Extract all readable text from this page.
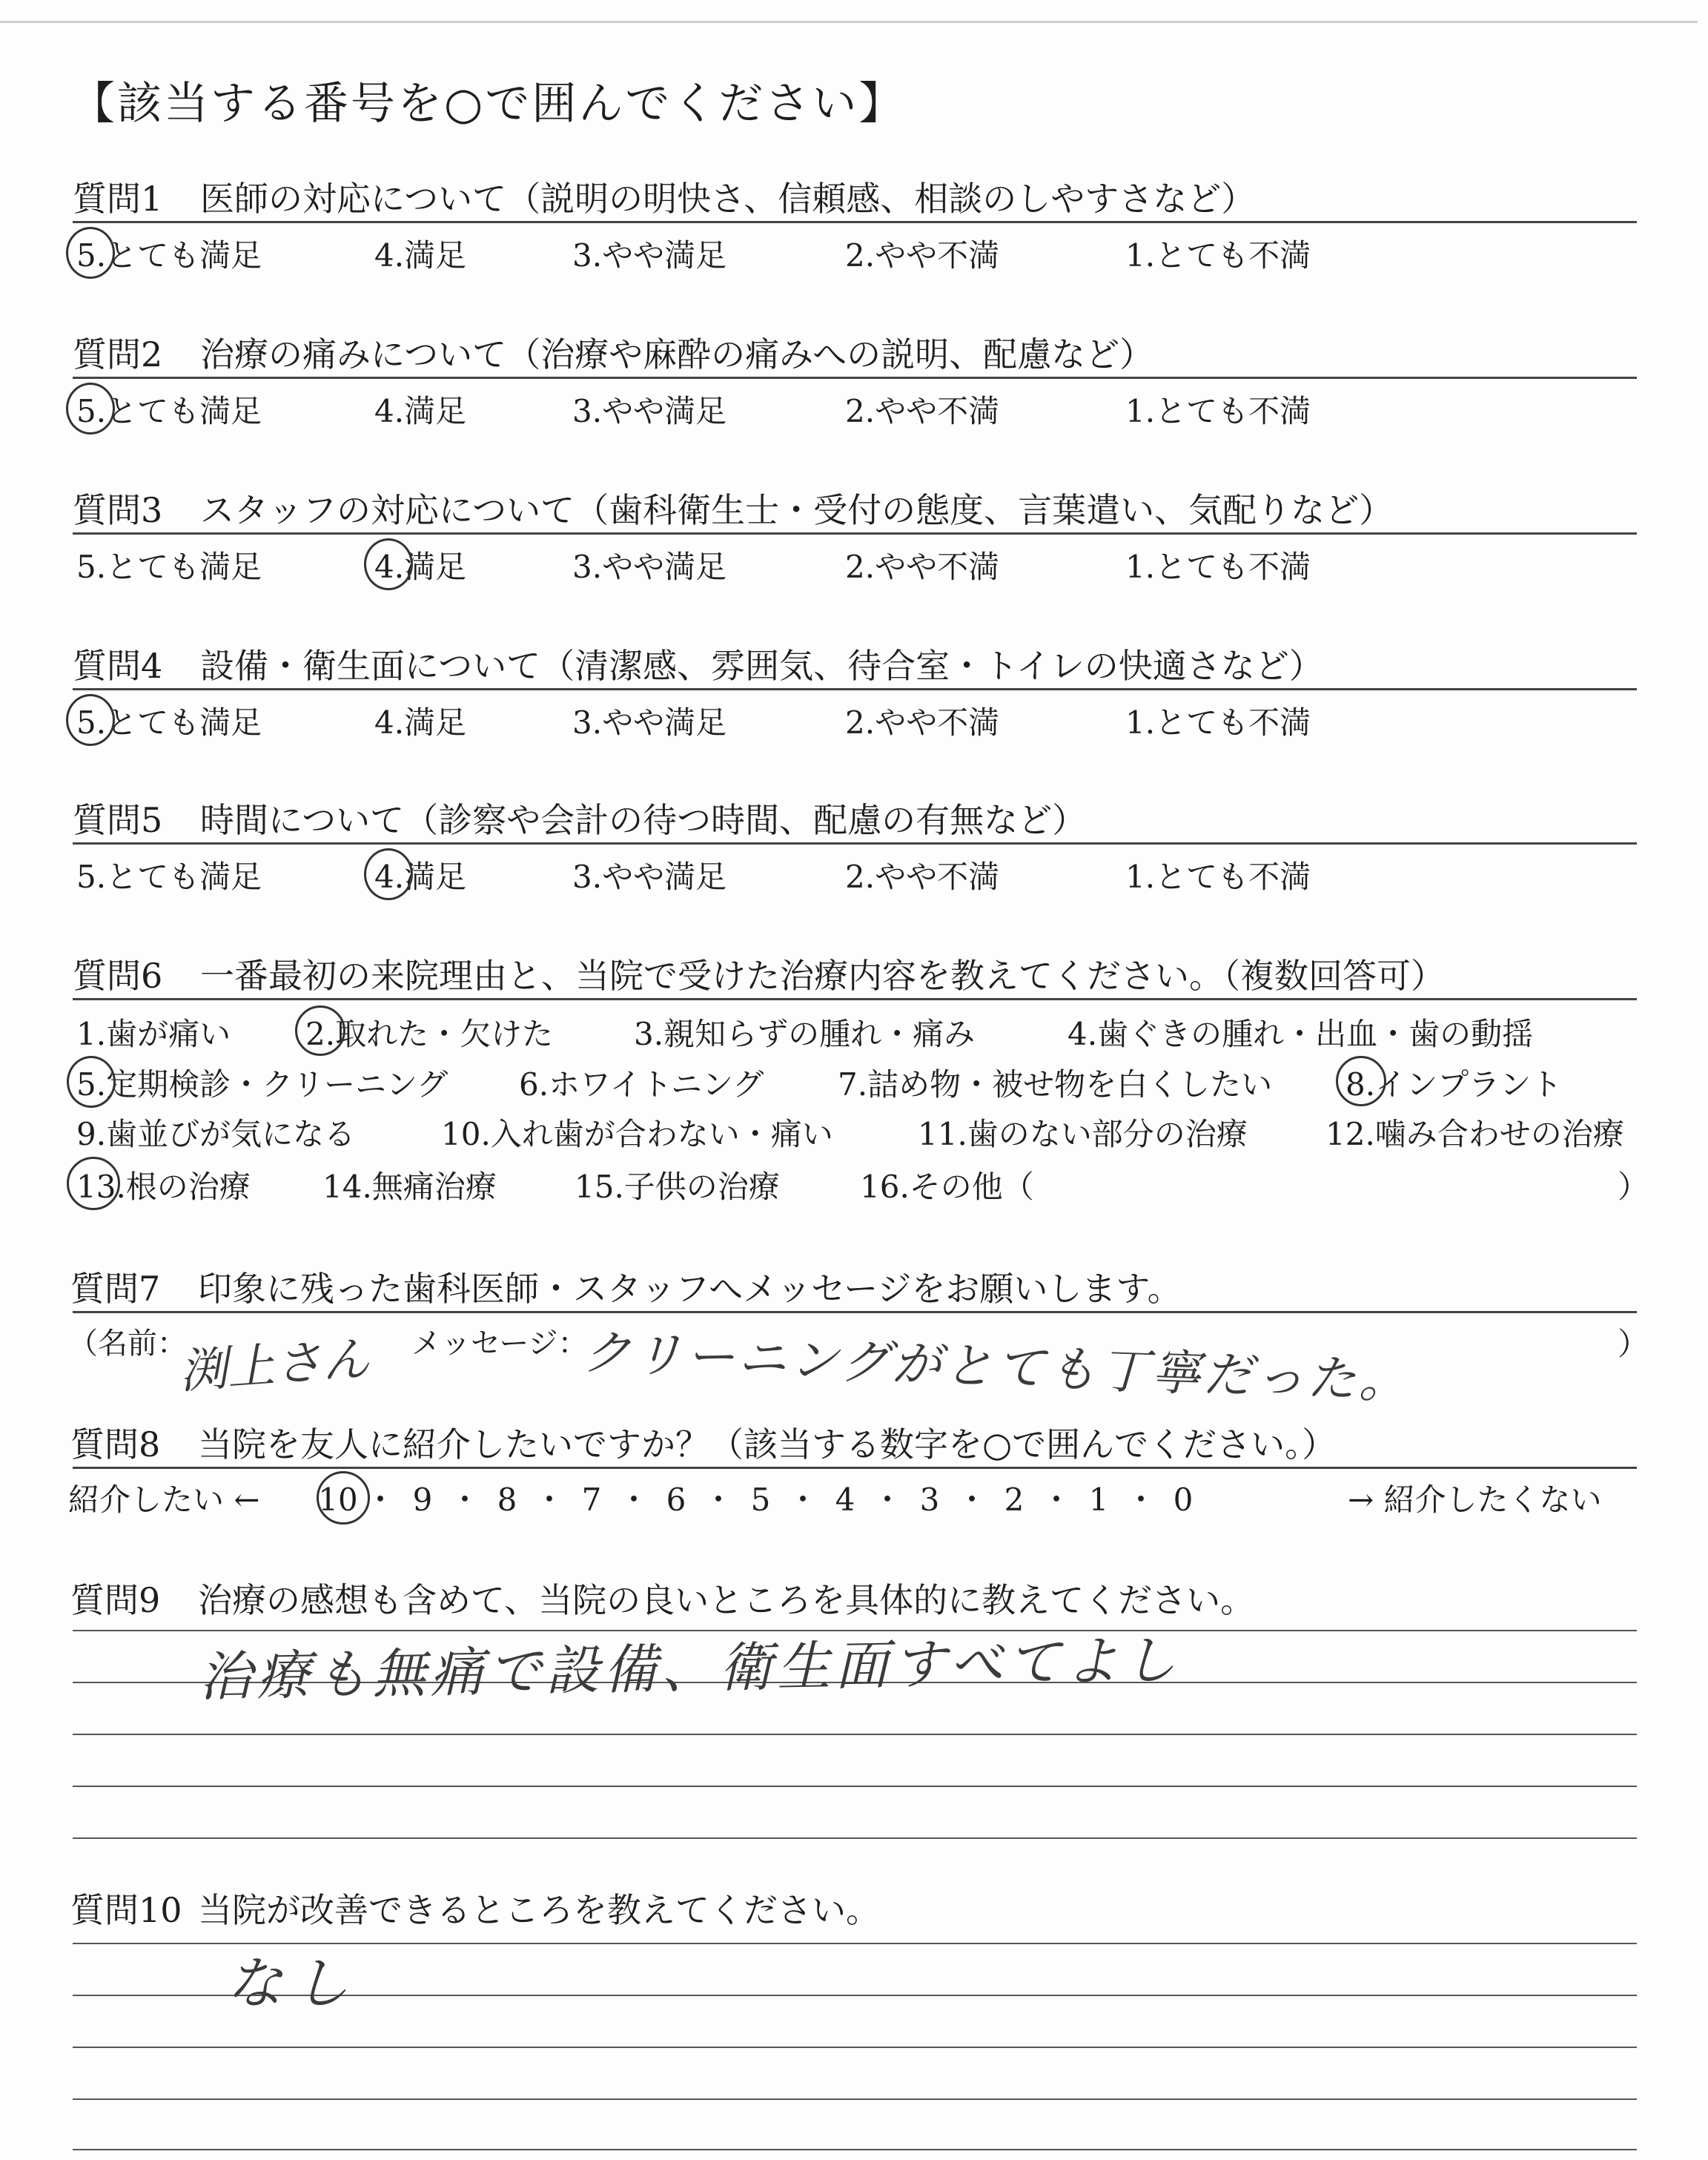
【該当する番号を○で囲んでください】
質問1 医師の対応について（説明の明快さ、信頼感、相談のしやすさなど）
5.とても満足	4.満足	3.やや満足	2.やや不満	1.とても不満
質問2 治療の痛みについて（治療や麻酔の痛みへの説明、配慮など）
5.とても満足	4.満足	3.やや満足	2.やや不満	1.とても不満
質問3 スタッフの対応について（歯科衛生士・受付の態度、言葉遣い、気配りなど）
5.とても満足	4.満足	3.やや満足	2.やや不満	1.とても不満
質問4 設備・衛生面について（清潔感、雰囲気、待合室・トイレの快適さなど）
5.とても満足	4.満足	3.やや満足	2.やや不満	1.とても不満
質問5 時間について（診察や会計の待つ時間、配慮の有無など）
5.とても満足	4.満足	3.やや満足	2.やや不満	1.とても不満
質問6 一番最初の来院理由と、当院で受けた治療内容を教えてください。（複数回答可）
1.歯が痛い 2.取れた・欠けた	3.親知らずの腫れ・痛み	4.歯ぐきの腫れ・出血・歯の動揺
5.定期検診・クリーニング 6.ホワイトニング 7.詰め物・被せ物を白くしたい 8.インプラント
9.歯並びが気になる	10.入れ歯が合わない・痛い	11.歯のない部分の治療	12.噛み合わせの治療
13.根の治療 14.無痛治療	15.子供の治療	16.その他（	）
質問7 印象に残った歯科医師・スタッフへメッセージをお願いします。
（名前：
渕上さん メッセージ：
クリーニングがとても丁寧だった。	）
質問8 当院を友人に紹介したいですか？（該当する数字を○で囲んでください。）
紹介したい ← 10 ・ 9 ・ 8 ・ 7 ・ 6 ・ 5 ・ 4 ・ 3 ・ 2 ・ 1 ・ 0	→ 紹介したくない
質問9 治療の感想も含めて、当院の良いところを具体的に教えてください。
治療も無痛で設備、衛生面すべてよし
質問10 当院が改善できるところを教えてください。
なし
